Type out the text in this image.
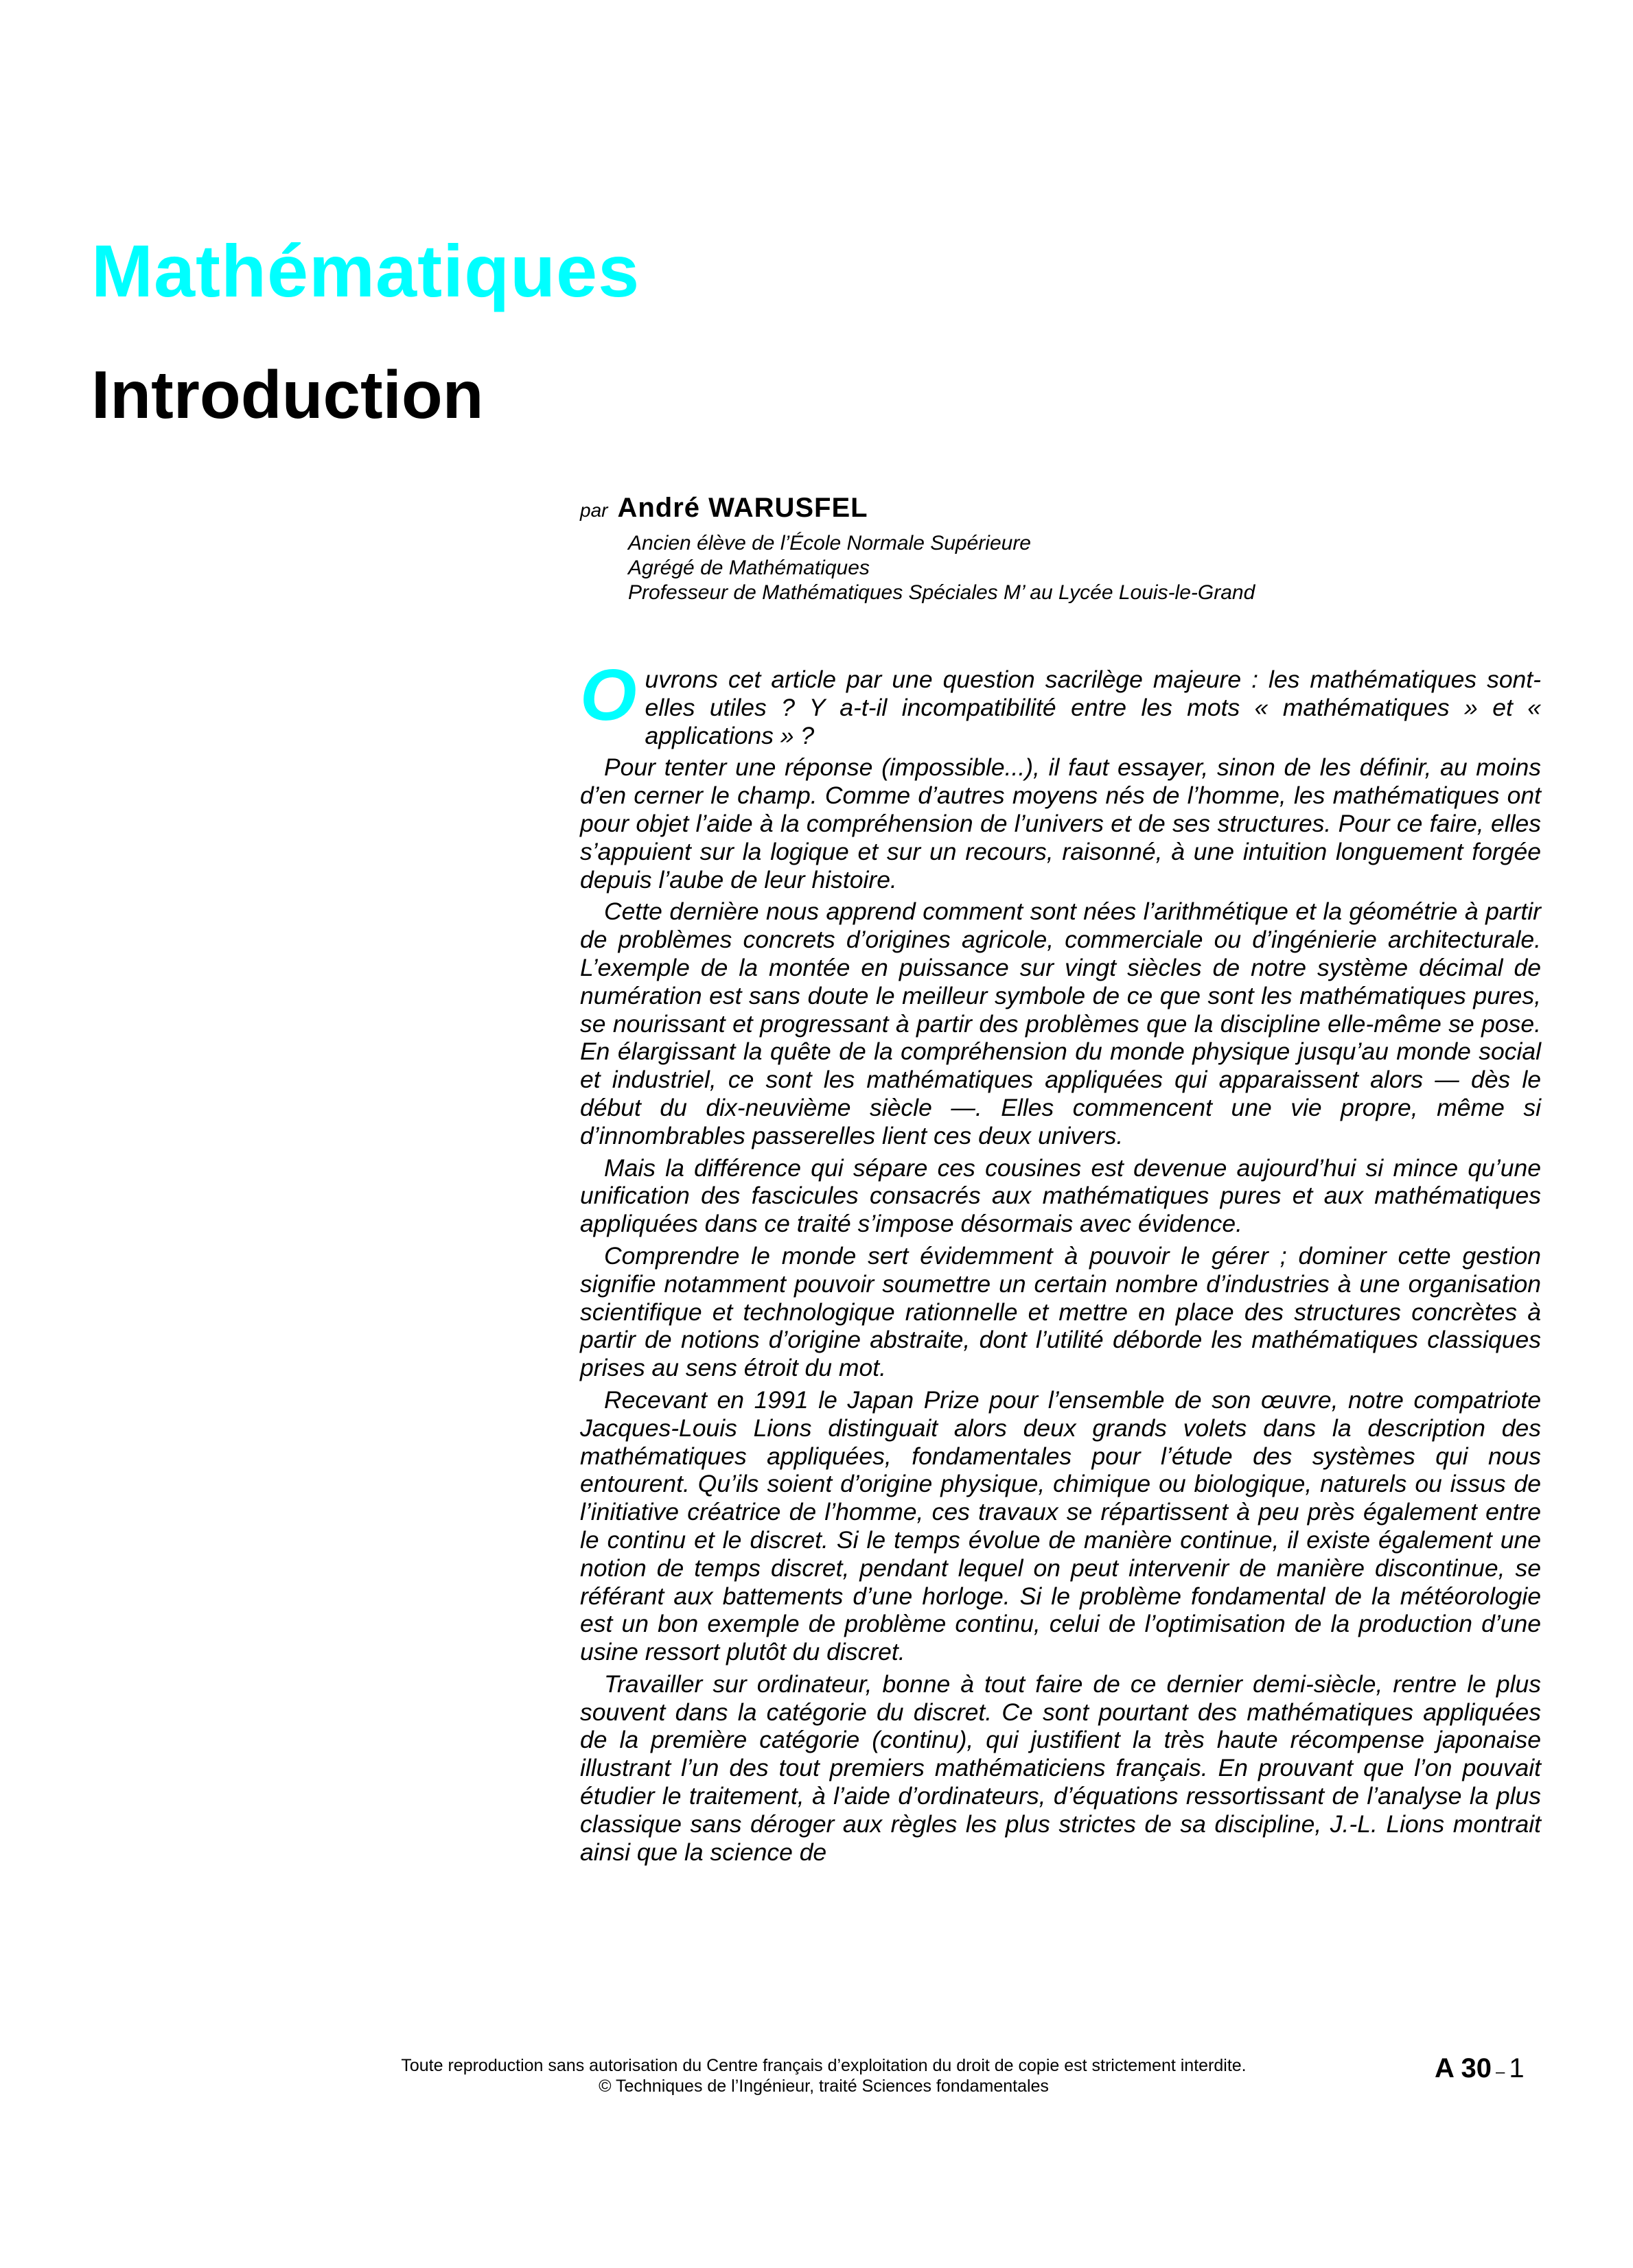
Mathématiques
Introduction
par André WARUSFEL
Ancien élève de l’École Normale Supérieure
Agrégé de Mathématiques
Professeur de Mathématiques Spéciales M’ au Lycée Louis-le-Grand

Ouvrons cet article par une question sacrilège majeure : les mathématiques sont-elles utiles ? Y a-t-il incompatibilité entre les mots « mathématiques » et « applications » ?

Pour tenter une réponse (impossible...), il faut essayer, sinon de les définir, au moins d’en cerner le champ. Comme d’autres moyens nés de l’homme, les mathématiques ont pour objet l’aide à la compréhension de l’univers et de ses structures. Pour ce faire, elles s’appuient sur la logique et sur un recours, raisonné, à une intuition longuement forgée depuis l’aube de leur histoire.

Cette dernière nous apprend comment sont nées l’arithmétique et la géométrie à partir de problèmes concrets d’origines agricole, commerciale ou d’ingénierie architecturale. L’exemple de la montée en puissance sur vingt siècles de notre système décimal de numération est sans doute le meilleur symbole de ce que sont les mathématiques pures, se nourissant et progressant à partir des problèmes que la discipline elle-même se pose. En élargissant la quête de la compréhension du monde physique jusqu’au monde social et industriel, ce sont les mathématiques appliquées qui apparaissent alors — dès le début du dix-neuvième siècle —. Elles commencent une vie propre, même si d’innombrables passerelles lient ces deux univers.

Mais la différence qui sépare ces cousines est devenue aujourd’hui si mince qu’une unification des fascicules consacrés aux mathématiques pures et aux mathématiques appliquées dans ce traité s’impose désormais avec évidence.

Comprendre le monde sert évidemment à pouvoir le gérer ; dominer cette gestion signifie notamment pouvoir soumettre un certain nombre d’industries à une organisation scientifique et technologique rationnelle et mettre en place des structures concrètes à partir de notions d’origine abstraite, dont l’utilité déborde les mathématiques classiques prises au sens étroit du mot.

Recevant en 1991 le Japan Prize pour l’ensemble de son œuvre, notre compatriote Jacques-Louis Lions distinguait alors deux grands volets dans la description des mathématiques appliquées, fondamentales pour l’étude des systèmes qui nous entourent. Qu’ils soient d’origine physique, chimique ou biologique, naturels ou issus de l’initiative créatrice de l’homme, ces travaux se répartissent à peu près également entre le continu et le discret. Si le temps évolue de manière continue, il existe également une notion de temps discret, pendant lequel on peut intervenir de manière discontinue, se référant aux battements d’une horloge. Si le problème fondamental de la météorologie est un bon exemple de problème continu, celui de l’optimisation de la production d’une usine ressort plutôt du discret.

Travailler sur ordinateur, bonne à tout faire de ce dernier demi-siècle, rentre le plus souvent dans la catégorie du discret. Ce sont pourtant des mathématiques appliquées de la première catégorie (continu), qui justifient la très haute récompense japonaise illustrant l’un des tout premiers mathématiciens français. En prouvant que l’on pouvait étudier le traitement, à l’aide d’ordinateurs, d’équations ressortissant de l’analyse la plus classique sans déroger aux règles les plus strictes de sa discipline, J.-L. Lions montrait ainsi que la science de

Toute reproduction sans autorisation du Centre français d’exploitation du droit de copie est strictement interdite.
© Techniques de l’Ingénieur, traité Sciences fondamentales
A 30 – 1
